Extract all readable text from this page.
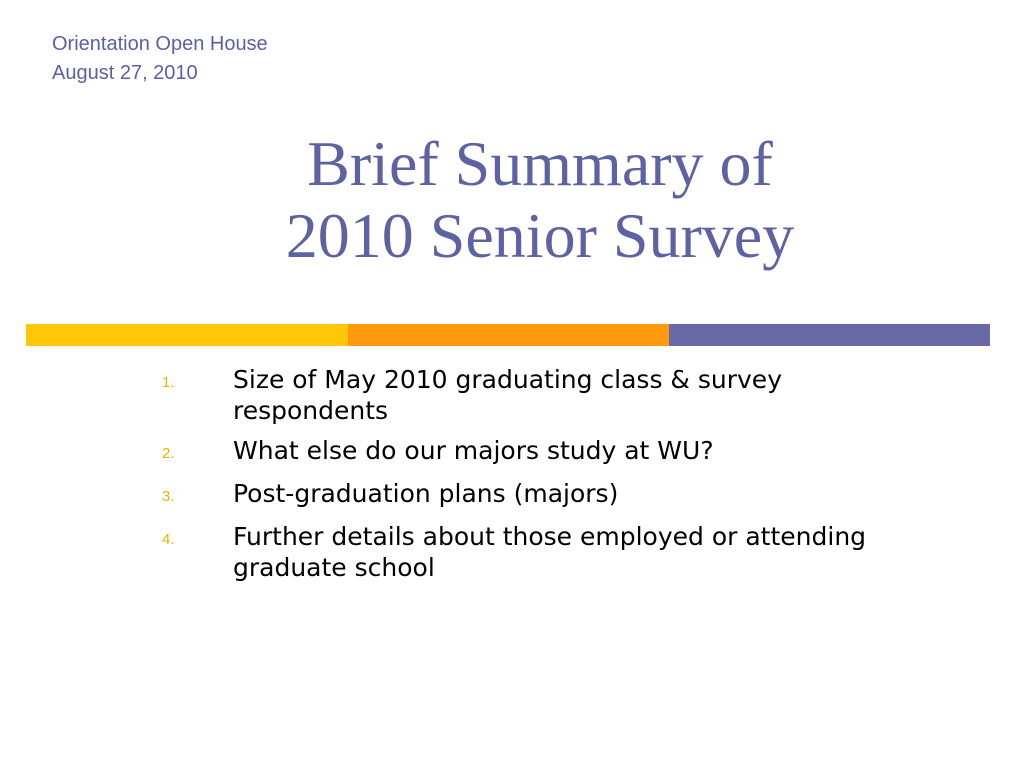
Orientation Open House
August 27, 2010
Brief Summary of
2010 Senior Survey
1.	Size of May 2010 graduating class & survey respondents
2.	What else do our majors study at WU?
3.	Post-graduation plans (majors)
4.	Further details about those employed or attending graduate school
